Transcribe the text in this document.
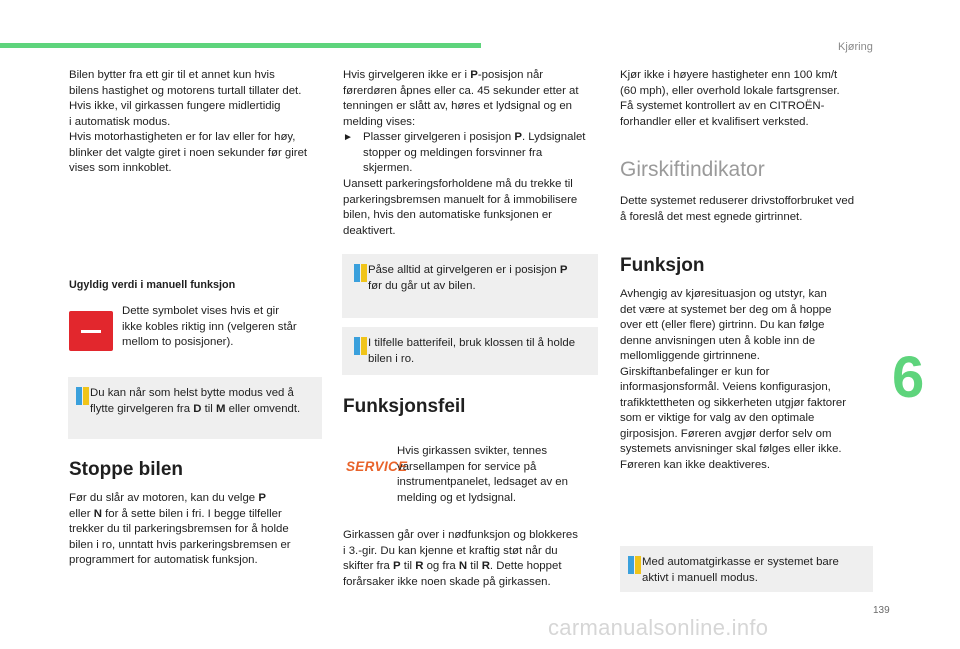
Kjøring
6
139
carmanualsonline.info
Bilen bytter fra ett gir til et annet kun hvis
bilens hastighet og motorens turtall tillater det.
Hvis ikke, vil girkassen fungere midlertidig
i automatisk modus.
Hvis motorhastigheten er for lav eller for høy,
blinker det valgte giret i noen sekunder før giret
vises som innkoblet.
Ugyldig verdi i manuell funksjon
Dette symbolet vises hvis et gir
ikke kobles riktig inn (velgeren står
mellom to posisjoner).
Du kan når som helst bytte modus ved å
flytte girvelgeren fra D til M eller omvendt.
Stoppe bilen
Før du slår av motoren, kan du velge P
eller N for å sette bilen i fri. I begge tilfeller
trekker du til parkeringsbremsen for å holde
bilen i ro, unntatt hvis parkeringsbremsen er
programmert for automatisk funksjon.
Hvis girvelgeren ikke er i P-posisjon når
førerdøren åpnes eller ca. 45 sekunder etter at
tenningen er slått av, høres et lydsignal og en
melding vises:
► Plasser girvelgeren i posisjon P. Lydsignalet
stopper og meldingen forsvinner fra
skjermen.
Uansett parkeringsforholdene må du trekke til
parkeringsbremsen manuelt for å immobilisere
bilen, hvis den automatiske funksjonen er
deaktivert.
Påse alltid at girvelgeren er i posisjon P
før du går ut av bilen.
I tilfelle batterifeil, bruk klossen til å holde
bilen i ro.
Funksjonsfeil
SERVICE
Hvis girkassen svikter, tennes
varsellampen for service på
instrumentpanelet, ledsaget av en
melding og et lydsignal.
Girkassen går over i nødfunksjon og blokkeres
i 3.-gir. Du kan kjenne et kraftig støt når du
skifter fra P til R og fra N til R. Dette hoppet
forårsaker ikke noen skade på girkassen.
Kjør ikke i høyere hastigheter enn 100 km/t
(60 mph), eller overhold lokale fartsgrenser.
Få systemet kontrollert av en CITROËN-
forhandler eller et kvalifisert verksted.
Girskiftindikator
Dette systemet reduserer drivstofforbruket ved
å foreslå det mest egnede girtrinnet.
Funksjon
Avhengig av kjøresituasjon og utstyr, kan
det være at systemet ber deg om å hoppe
over ett (eller flere) girtrinn. Du kan følge
denne anvisningen uten å koble inn de
mellomliggende girtrinnene.
Girskiftanbefalinger er kun for
informasjonsformål. Veiens konfigurasjon,
trafikktettheten og sikkerheten utgjør faktorer
som er viktige for valg av den optimale
girposisjon. Føreren avgjør derfor selv om
systemets anvisninger skal følges eller ikke.
Føreren kan ikke deaktiveres.
Med automatgirkasse er systemet bare
aktivt i manuell modus.
